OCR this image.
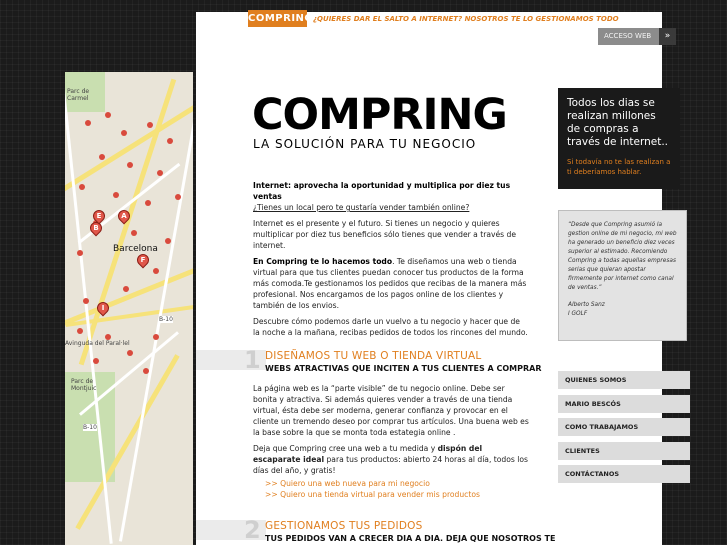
COMPRING ¿QUIERES DAR EL SALTO A INTERNET? NOSOTROS TE LO GESTIONAMOS TODO
ACCESO WEB	»
A
B
E
F
I
Parc de
Carmel
Barcelona
Parc de
Montjuic
B-10
B-10
Avinguda del Paral·lel
COMPRING
LA SOLUCIÓN PARA TU NEGOCIO

Internet: aprovecha la oportunidad y multiplica por diez tus ventas
¿Tienes un local pero te gustaría vender también online?

Internet es el presente y el futuro. Si tienes un negocio y quieres multiplicar por diez tus beneficios sólo tienes que vender a través de internet.

En Compring te lo hacemos todo. Te diseñamos una web o tienda virtual para que tus clientes puedan conocer tus productos de la forma más comoda.Te gestionamos los pedidos que recibas de la manera más profesional. Nos encargamos de los pagos online de los clientes y también de los envios.

Descubre cómo podemos darle un vuelvo a tu negocio y hacer que de la noche a la mañana, recibas pedidos de todos los rincones del mundo.

1 DISEÑAMOS TU WEB O TIENDA VIRTUAL
WEBS ATRACTIVAS QUE INCITEN A TUS CLIENTES A COMPRAR

La página web es la “parte visible” de tu negocio online. Debe ser bonita y atractiva. Si además quieres vender a través de una tienda virtual, ésta debe ser moderna, generar confianza y provocar en el cliente un tremendo deseo por comprar tus artículos. Una buena web es la base sobre la que se monta toda estategia online .

Deja que Compring cree una web a tu medida y dispón del escaparate ideal para tus productos: abierto 24 horas al día, todos los días del año, y gratis!

>> Quiero una web nueva para mi negocio
>> Quiero una tienda virtual para vender mis productos
2 GESTIONAMOS TUS PEDIDOS
TUS PEDIDOS VAN A CRECER DIA A DIA. DEJA QUE NOSOTROS TE
Todos los dias se realizan millones de compras a través de internet..
Si todavía no te las realizan a ti deberíamos hablar.
“Desde que Compring asumió la gestion online de mi negocio, mi web ha generado un beneficio diez veces superior al estimado. Recomiendo Compring a todas aquellas empresas serias que quieran apostar firmemente por internet como canal de ventas.”
Alberto Sanz
I GOLF
QUIENES SOMOS
MARIO BESCÓS
COMO TRABAJAMOS
CLIENTES
CONTÁCTANOS
